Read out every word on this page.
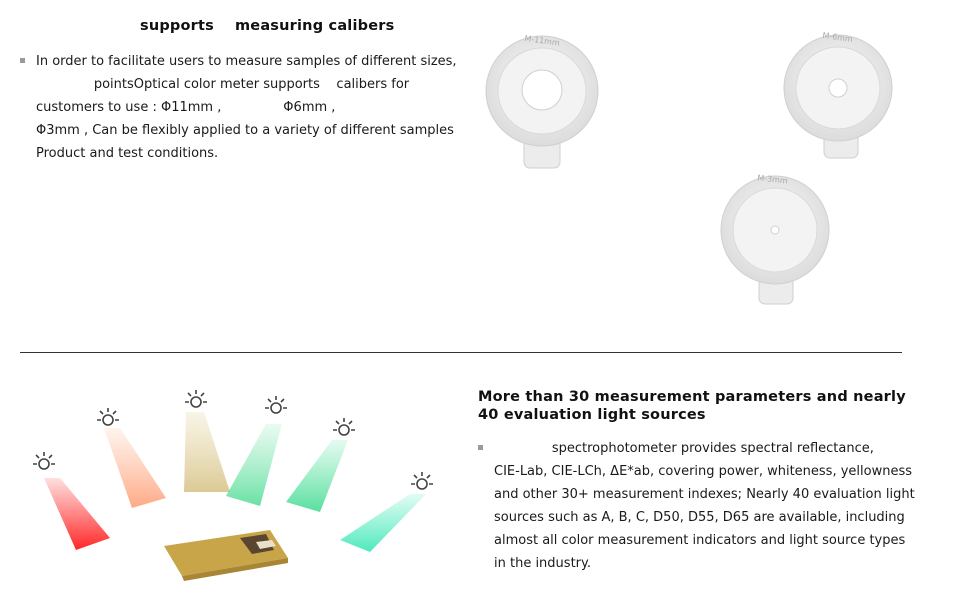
supports    measuring calibers
In order to facilitate users to measure samples of different sizes,
pointsOptical color meter supports    calibers for
customers to use : Φ11mm ,               Φ6mm ,
Φ3mm , Can be flexibly applied to a variety of different samples
Product and test conditions.
M-11mm	M-6mm
M-3mm
More than 30 measurement parameters and nearly 40 evaluation light sources
spectrophotometer provides spectral reflectance,
CIE-Lab, CIE-LCh, ΔE*ab, covering power, whiteness, yellowness
and other 30+ measurement indexes; Nearly 40 evaluation light
sources such as A, B, C, D50, D55, D65 are available, including
almost all color measurement indicators and light source types
in the industry.
